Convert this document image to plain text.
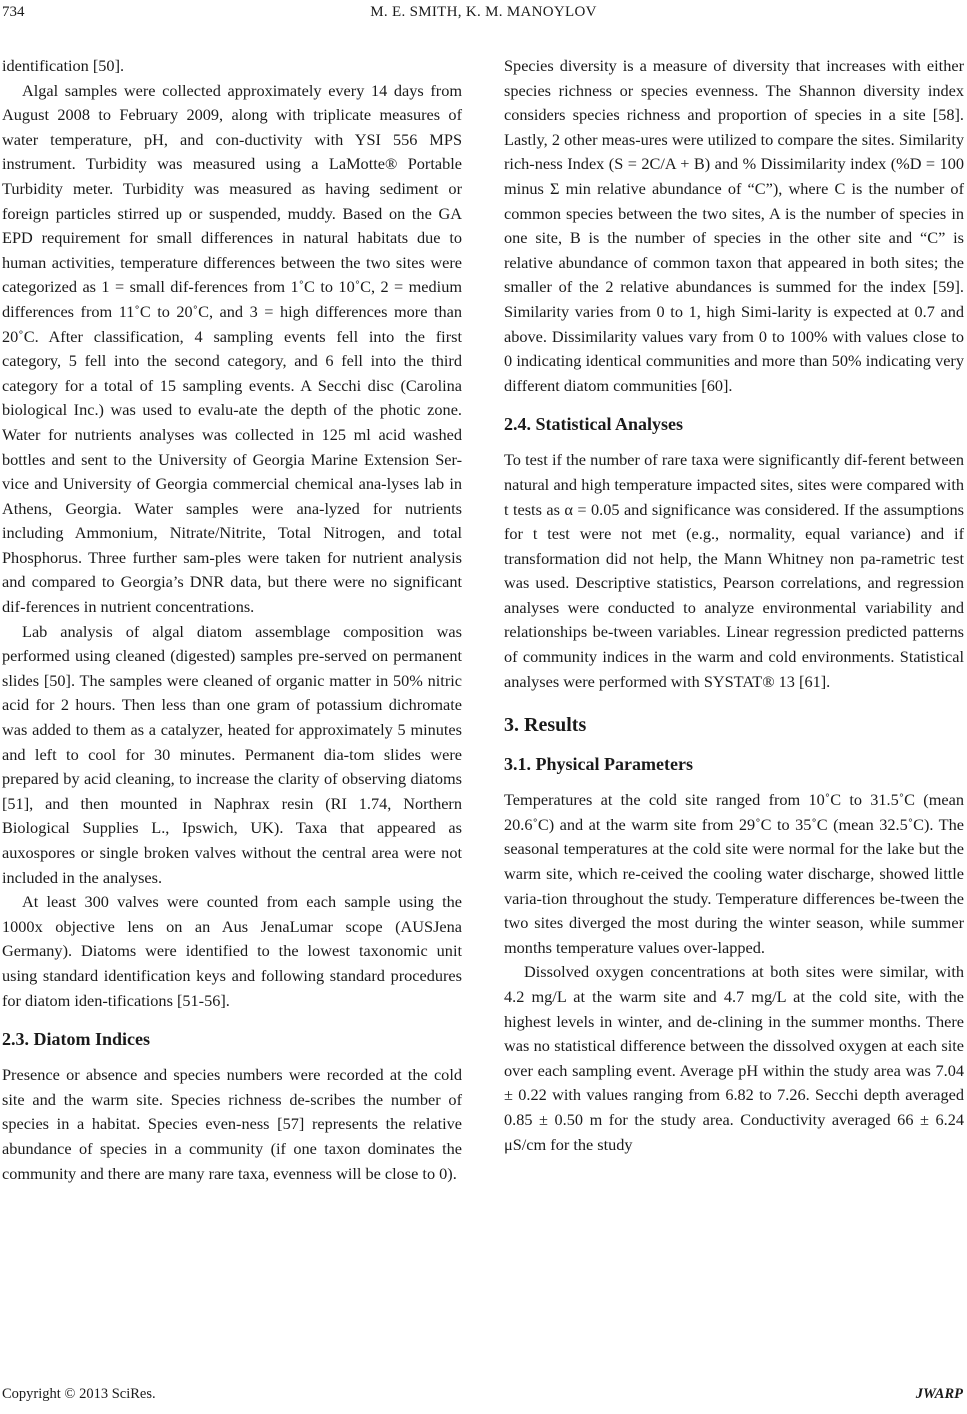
734	M. E. SMITH, K. M. MANOYLOV

identification [50].

Algal samples were collected approximately every 14 days from August 2008 to February 2009, along with triplicate measures of water temperature, pH, and con-ductivity with YSI 556 MPS instrument. Turbidity was measured using a LaMotte® Portable Turbidity meter. Turbidity was measured as having sediment or foreign particles stirred up or suspended, muddy. Based on the GA EPD requirement for small differences in natural habitats due to human activities, temperature differences between the two sites were categorized as 1 = small dif-ferences from 1˚C to 10˚C, 2 = medium differences from 11˚C to 20˚C, and 3 = high differences more than 20˚C. After classification, 4 sampling events fell into the first category, 5 fell into the second category, and 6 fell into the third category for a total of 15 sampling events. A Secchi disc (Carolina biological Inc.) was used to evalu-ate the depth of the photic zone. Water for nutrients analyses was collected in 125 ml acid washed bottles and sent to the University of Georgia Marine Extension Ser-vice and University of Georgia commercial chemical ana-lyses lab in Athens, Georgia. Water samples were ana-lyzed for nutrients including Ammonium, Nitrate/Nitrite, Total Nitrogen, and total Phosphorus. Three further sam-ples were taken for nutrient analysis and compared to Georgia’s DNR data, but there were no significant dif-ferences in nutrient concentrations.

Lab analysis of algal diatom assemblage composition was performed using cleaned (digested) samples pre-served on permanent slides [50]. The samples were cleaned of organic matter in 50% nitric acid for 2 hours. Then less than one gram of potassium dichromate was added to them as a catalyzer, heated for approximately 5 minutes and left to cool for 30 minutes. Permanent dia-tom slides were prepared by acid cleaning, to increase the clarity of observing diatoms [51], and then mounted in Naphrax resin (RI 1.74, Northern Biological Supplies L., Ipswich, UK). Taxa that appeared as auxospores or single broken valves without the central area were not included in the analyses.

At least 300 valves were counted from each sample using the 1000x objective lens on an Aus JenaLumar scope (AUSJena Germany). Diatoms were identified to the lowest taxonomic unit using standard identification keys and following standard procedures for diatom iden-tifications [51-56].

2.3. Diatom Indices

Presence or absence and species numbers were recorded at the cold site and the warm site. Species richness de-scribes the number of species in a habitat. Species even-ness [57] represents the relative abundance of species in a community (if one taxon dominates the community and there are many rare taxa, evenness will be close to 0).

Species diversity is a measure of diversity that increases with either species richness or species evenness. The Shannon diversity index considers species richness and proportion of species in a site [58]. Lastly, 2 other meas-ures were utilized to compare the sites. Similarity rich-ness Index (S = 2C/A + B) and % Dissimilarity index (%D = 100 minus Σ min relative abundance of “C”), where C is the number of common species between the two sites, A is the number of species in one site, B is the number of species in the other site and “C” is relative abundance of common taxon that appeared in both sites; the smaller of the 2 relative abundances is summed for the index [59]. Similarity varies from 0 to 1, high Simi-larity is expected at 0.7 and above. Dissimilarity values vary from 0 to 100% with values close to 0 indicating identical communities and more than 50% indicating very different diatom communities [60].

2.4. Statistical Analyses

To test if the number of rare taxa were significantly dif-ferent between natural and high temperature impacted sites, sites were compared with t tests as α = 0.05 and significance was considered. If the assumptions for t test were not met (e.g., normality, equal variance) and if transformation did not help, the Mann Whitney non pa-rametric test was used. Descriptive statistics, Pearson correlations, and regression analyses were conducted to analyze environmental variability and relationships be-tween variables. Linear regression predicted patterns of community indices in the warm and cold environments. Statistical analyses were performed with SYSTAT® 13 [61].

3. Results
3.1. Physical Parameters

Temperatures at the cold site ranged from 10˚C to 31.5˚C (mean 20.6˚C) and at the warm site from 29˚C to 35˚C (mean 32.5˚C). The seasonal temperatures at the cold site were normal for the lake but the warm site, which re-ceived the cooling water discharge, showed little varia-tion throughout the study. Temperature differences be-tween the two sites diverged the most during the winter season, while summer months temperature values over-lapped.

Dissolved oxygen concentrations at both sites were similar, with 4.2 mg/L at the warm site and 4.7 mg/L at the cold site, with the highest levels in winter, and de-clining in the summer months. There was no statistical difference between the dissolved oxygen at each site over each sampling event. Average pH within the study area was 7.04 ± 0.22 with values ranging from 6.82 to 7.26. Secchi depth averaged 0.85 ± 0.50 m for the study area. Conductivity averaged 66 ± 6.24 μS/cm for the study

Copyright © 2013 SciRes.	JWARP
